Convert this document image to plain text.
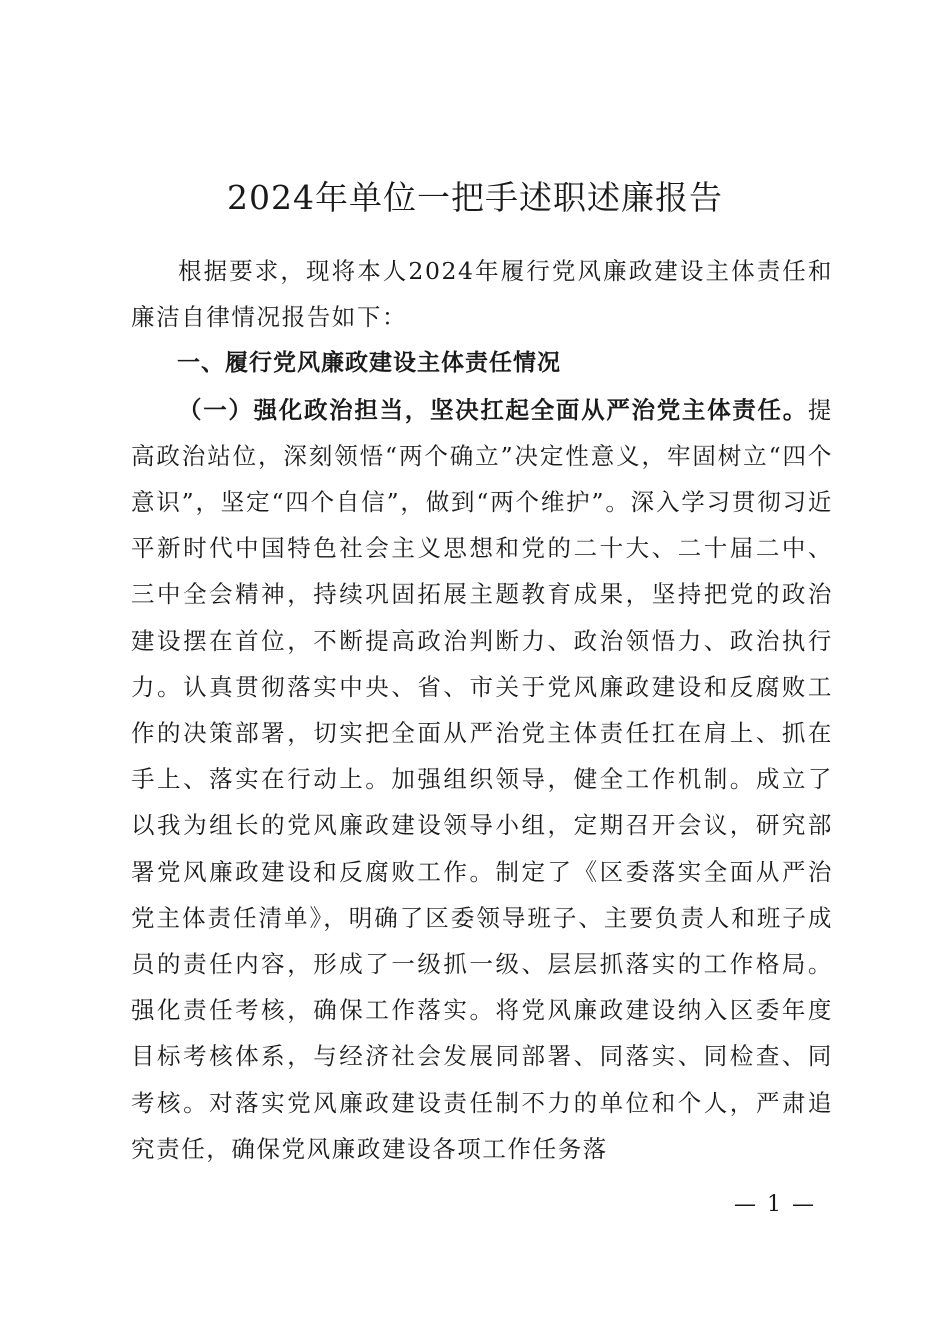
2024年单位一把手述职述廉报告

根据要求，现将本人2024年履行党风廉政建设主体责任和廉洁自律情况报告如下：

一、履行党风廉政建设主体责任情况

（一）强化政治担当，坚决扛起全面从严治党主体责任。提高政治站位，深刻领悟“两个确立”决定性意义，牢固树立“四个意识”，坚定“四个自信”，做到“两个维护”。深入学习贯彻习近平新时代中国特色社会主义思想和党的二十大、二十届二中、三中全会精神，持续巩固拓展主题教育成果，坚持把党的政治建设摆在首位，不断提高政治判断力、政治领悟力、政治执行力。认真贯彻落实中央、省、市关于党风廉政建设和反腐败工作的决策部署，切实把全面从严治党主体责任扛在肩上、抓在手上、落实在行动上。加强组织领导，健全工作机制。成立了以我为组长的党风廉政建设领导小组，定期召开会议，研究部署党风廉政建设和反腐败工作。制定了《区委落实全面从严治党主体责任清单》，明确了区委领导班子、主要负责人和班子成员的责任内容，形成了一级抓一级、层层抓落实的工作格局。强化责任考核，确保工作落实。将党风廉政建设纳入区委年度目标考核体系，与经济社会发展同部署、同落实、同检查、同考核。对落实党风廉政建设责任制不力的单位和个人，严肃追究责任，确保党风廉政建设各项工作任务落

— 1 —
